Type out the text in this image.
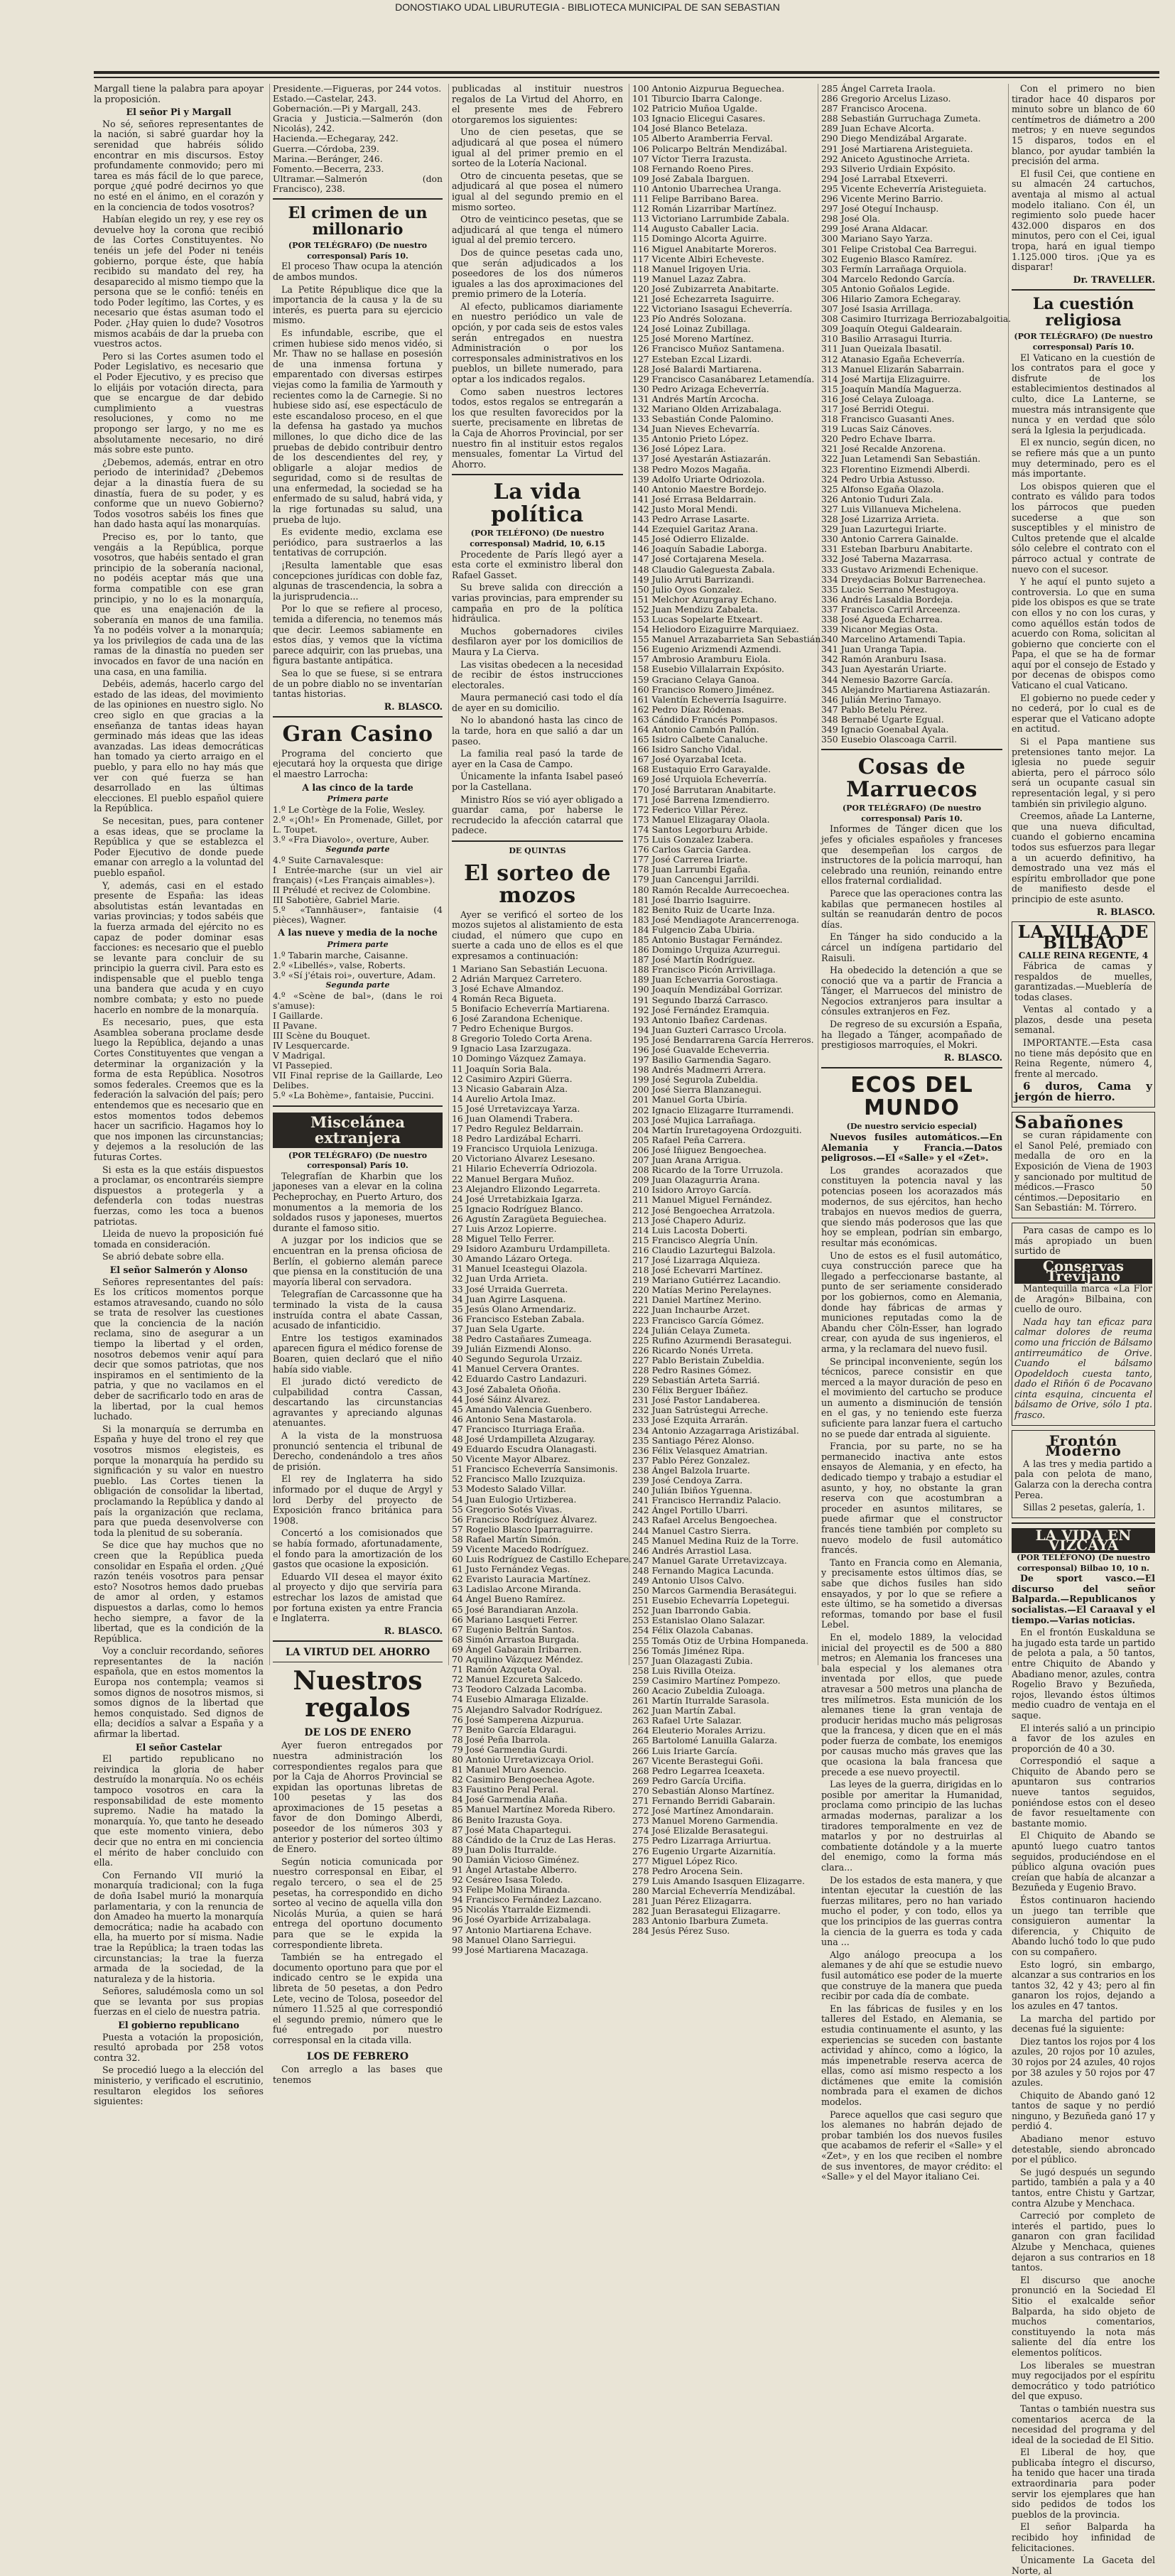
DONOSTIAKO UDAL LIBURUTEGIA - BIBLIOTECA MUNICIPAL DE SAN SEBASTIAN

Margall tiene la palabra para apoyar la proposición.

El señor Pi y Margall

No sé, señores representantes de la nación, si sabré guardar hoy la serenidad que habréis sólido encontrar en mis discursos. Estoy profundamente conmovido; pero mi tarea es más fácil de lo que parece, porque ¿qué podré decirnos yo que no esté en el ánimo, en el corazón y en la conciencia de todos vosotros?

Habían elegido un rey, y ese rey os devuelve hoy la corona que recibió de las Cortes Constituyentes. No tenéis un jefe del Poder ni tenéis gobierno, porque éste, que había recibido su mandato del rey, ha desaparecido al mismo tiempo que la persona que se le confió: tenéis en todo Poder legítimo, las Cortes, y es necesario que éstas asuman todo el Poder. ¿Hay quien lo dude? Vosotros mismos acabáis de dar la prueba con vuestros actos.

Pero si las Cortes asumen todo el Poder Legislativo, es necesario que el Poder Ejecutivo, y es preciso que lo elijáis por votación directa, para que se encargue de dar debido cumplimiento a vuestras resoluciones, y como no me propongo ser largo, y no me es absolutamente necesario, no diré más sobre este punto.

¿Debemos, además, entrar en otro periodo de interinidad? ¿Debemos dejar a la dinastía fuera de su dinastía, fuera de su poder, y es conforme que un nuevo Gobierno? Todos vosotros sabéis los fines que han dado hasta aquí las monarquías.

Preciso es, por lo tanto, que vengáis a la República, porque vosotros, que habéis sentado el gran principio de la soberanía nacional, no podéis aceptar más que una forma compatible con ese gran principio, y no lo es la monarquía, que es una enajenación de la soberanía en manos de una familia. Ya no podéis volver a la monarquía; ya los privilegios de cada una de las ramas de la dinastía no pueden ser invocados en favor de una nación en una casa, en una familia.

Debéis, además, hacerlo cargo del estado de las ideas, del movimiento de las opiniones en nuestro siglo. No creo siglo en que gracias a la enseñanza de tantas ideas hayan germinado más ideas que las ideas avanzadas. Las ideas democráticas han tomado ya cierto arraigo en el pueblo, y para ello no hay más que ver con qué fuerza se han desarrollado en las últimas elecciones. El pueblo español quiere la República.

Se necesitan, pues, para contener a esas ideas, que se proclame la República y que se establezca el Poder Ejecutivo de donde puede emanar con arreglo a la voluntad del pueblo español.

Y, además, casi en el estado presente de España: las ideas absolutistas están levantadas en varias provincias; y todos sabéis que la fuerza armada del ejército no es capaz de poder dominar esas facciones: es necesario que el pueblo se levante para concluir de su principio la guerra civil. Para esto es indispensable que el pueblo tenga una bandera que acuda y en cuyo nombre combata; y esto no puede hacerlo en nombre de la monarquía.

Es necesario, pues, que esta Asamblea soberana proclame desde luego la República, dejando a unas Cortes Constituyentes que vengan a determinar la organización y la forma de esta República. Nosotros somos federales. Creemos que es la federación la salvación del país; pero entendemos que es necesario que en estos momentos todos debemos hacer un sacrificio. Hagamos hoy lo que nos imponen las circunstancias; y dejemos a la resolución de las futuras Cortes.

Si esta es la que estáis dispuestos a proclamar, os encontraréis siempre dispuestos a protegerla y a defenderla con todas nuestras fuerzas, como les toca a buenos patriotas.

Lleida de nuevo la proposición fué tomada en consideración.

Se abrió debate sobre ella.

El señor Salmerón y Alonso

Señores representantes del país: Es los críticos momentos porque estamos atravesando, cuando no sólo se trata de resolver las cuestiones que la conciencia de la nación reclama, sino de asegurar a un tiempo la libertad y el orden, nosotros debemos venir aquí para decir que somos patriotas, que nos inspiramos en el sentimiento de la patria, y que no vacilamos en el deber de sacrificarlo todo en aras de la libertad, por la cual hemos luchado.

Si la monarquía se derrumba en España y huye del trono el rey que vosotros mismos elegisteis, es porque la monarquía ha perdido su significación y su valor en nuestro pueblo. Las Cortes tienen la obligación de consolidar la libertad, proclamando la República y dando al país la organización que reclama, para que pueda desenvolverse con toda la plenitud de su soberanía.

Se dice que hay muchos que no creen que la República pueda consolidar en España el orden. ¿Qué razón tenéis vosotros para pensar esto? Nosotros hemos dado pruebas de amor al orden, y estamos dispuestos a darlas, como lo hemos hecho siempre, a favor de la libertad, que es la condición de la República.

Voy a concluir recordando, señores representantes de la nación española, que en estos momentos la Europa nos contempla; veamos si somos dignos de nosotros mismos, si somos dignos de la libertad que hemos conquistado. Sed dignos de ella; decidíos a salvar a España y a afirmar la libertad.

El señor Castelar

El partido republicano no reivindica la gloria de haber destruído la monarquía. No os echéis tampoco vosotros en cara la responsabilidad de este momento supremo. Nadie ha matado la monarquía. Yo, que tanto he deseado que este momento viniera, debo decir que no entra en mi conciencia el mérito de haber concluido con ella.

Con Fernando VII murió la monarquía tradicional; con la fuga de doña Isabel murió la monarquía parlamentaria, y con la renuncia de don Amadeo ha muerto la monarquía democrática; nadie ha acabado con ella, ha muerto por sí misma. Nadie trae la República; la traen todas las circunstancias; la trae la fuerza armada de la sociedad, de la naturaleza y de la historia.

Señores, saludémosla como un sol que se levanta por sus propias fuerzas en el cielo de nuestra patria.

El gobierno republicano

Puesta a votación la proposición, resultó aprobada por 258 votos contra 32.

Se procedió luego a la elección del ministerio, y verificado el escrutinio, resultaron elegidos los señores siguientes:

Presidente.—Figueras, por 244 votos.
Estado.—Castelar, 243.
Gobernación.—Pi y Margall, 243.
Gracia y Justicia.—Salmerón (don Nicolás), 242.
Hacienda.—Echegaray, 242.
Guerra.—Córdoba, 239.
Marina.—Beránger, 246.
Fomento.—Becerra, 233.
Ultramar.—Salmerón (don Francisco), 238.
El crimen de un millonario

(POR TELÉGRAFO) (De nuestro corresponsal) París 10.

El proceso Thaw ocupa la atención de ambos mundos.

La Petite République dice que la importancia de la causa y la de su interés, es puerta para su ejercicio mismo.

Es infundable, escribe, que el crimen hubiese sido menos vidéo, si Mr. Thaw no se hallase en posesión de una inmensa fortuna y emparentado con diversas estirpes viejas como la familia de Yarmouth y recientes como la de Carnegie. Si no hubiese sido así, ese espectáculo de este escandaloso proceso, en el que la defensa ha gastado ya muchos millones, lo que dicho dice de las pruebas de debido contribuir dentro de los descendientes del rey, y obligarle a alojar medios de seguridad, como si de resultas de una enfermedad, la sociedad se ha enfermado de su salud, habrá vida, y la rige fortunadas su salud, una prueba de lujo.

Es evidente medio, exclama ese periódico, para sustraerlos a las tentativas de corrupción.

¡Resulta lamentable que esas concepciones jurídicas con doble faz, algunas de trascendencia, la sobra a la jurisprudencia...

Por lo que se refiere al proceso, temida a diferencia, no tenemos más que decir. Leemos sabiamente en estos días, y vemos que la víctima parece adquirir, con las pruebas, una figura bastante antipática.

Sea lo que se fuese, si se entrara de un pobre diablo no se inventarían tantas historias.

R. BLASCO.

Gran Casino

Programa del concierto que ejecutará hoy la orquesta que dirige el maestro Larrocha:

A las cinco de la tarde

Primera parte

1.º Le Cortège de la Folie, Wesley.
2.º «¡Oh!» En Promenade, Gillet, por L. Toupet.
3.º «Fra Diavolo», overture, Auber.

Segunda parte

4.º Suite Carnavalesque:
I Entrée-marche (sur un viel air français) («Les Français aimables»).
II Préludé et recivez de Colombine.
III Sabotière, Gabriel Marie.
5.º «Tannhäuser», fantaisie (4 pièces), Wagner.

A las nueve y media de la noche

Primera parte

1.º Tabarin marche, Caisanne.
2.º «Libellés», valse, Roberts.
3.º «Sí j'étais roi», ouverture, Adam.

Segunda parte

4.º «Scène de bal», (dans le roi s'amuse):
I Gaillarde.
II Pavane.
III Scène du Bouquet.
IV Lesquercarde.
V Madrigal.
VI Passepied.
VII Final reprise de la Gaillarde, Leo Delibes.
5.º «La Bohème», fantaisie, Puccini.
Miscelánea extranjera

(POR TELÉGRAFO) (De nuestro corresponsal) París 10.

Telegrafían de Kharbin que los japoneses van a elevar en la colina Pecheprochay, en Puerto Arturo, dos monumentos a la memoria de los soldados rusos y japoneses, muertos durante el famoso sitio.

A juzgar por los indicios que se encuentran en la prensa oficiosa de Berlín, el gobierno alemán parece que piensa en la constitución de una mayoría liberal con servadora.

Telegrafían de Carcassonne que ha terminado la vista de la causa instruída contra el abate Cassan, acusado de infanticidio.

Entre los testigos examinados aparecen figura el médico forense de Boaren, quien declaró que el niño había sido viable.

El jurado dictó veredicto de culpabilidad contra Cassan, descartando las circunstancias agravantes y apreciando algunas atenuantes.

A la vista de la monstruosa pronunció sentencia el tribunal de Derecho, condenándolo a tres años de prisión.

El rey de Inglaterra ha sido informado por el duque de Argyl y lord Derby del proyecto de Exposición franco británica para 1908.

Concertó a los comisionados que se había formado, afortunadamente, el fondo para la amortización de los gastos que ocasione la exposición.

Eduardo VII desea el mayor éxito al proyecto y dijo que serviría para estrechar los lazos de amistad que por fortuna existen ya entre Francia e Inglaterra.

R. BLASCO.

LA VIRTUD DEL AHORRO
Nuestros regalos
DE LOS DE ENERO

Ayer fueron entregados por nuestra administración los correspondientes regalos para que por la Caja de Ahorros Provincial se expidan las oportunas libretas de 100 pesetas y las dos aproximaciones de 15 pesetas a favor de don Domingo Alberdi, poseedor de los números 303 y anterior y posterior del sorteo último de Enero.

Según noticia comunicada por nuestro corresponsal en Eibar, el regalo tercero, o sea el de 25 pesetas, ha correspondido en dicho sorteo al vecino de aquella villa don Nicolás Murúa, a quien se hará entrega del oportuno documento para que se le expida la correspondiente libreta.

También se ha entregado el documento oportuno para que por el indicado centro se le expida una libreta de 50 pesetas, a don Pedro Lete, vecino de Tolosa, poseedor del número 11.525 al que correspondió el segundo premio, número que le fué entregado por nuestro corresponsal en la citada villa.

LOS DE FEBRERO

Con arreglo a las bases que tenemos

publicadas al instituir nuestros regalos de La Virtud del Ahorro, en el presente mes de Febrero otorgaremos los siguientes:

Uno de cien pesetas, que se adjudicará al que posea el número igual al del primer premio en el sorteo de la Lotería Nacional.

Otro de cincuenta pesetas, que se adjudicará al que posea el número igual al del segundo premio en el mismo sorteo.

Otro de veinticinco pesetas, que se adjudicará al que tenga el número igual al del premio tercero.

Dos de quince pesetas cada uno, que serán adjudicados a los poseedores de los dos números iguales a las dos aproximaciones del premio primero de la Lotería.

Al efecto, publicamos diariamente en nuestro periódico un vale de opción, y por cada seis de estos vales serán entregados en nuestra Administración o por los corresponsales administrativos en los pueblos, un billete numerado, para optar a los indicados regalos.

Como saben nuestros lectores todos, estos regalos se entregarán a los que resulten favorecidos por la suerte, precisamente en libretas de la Caja de Ahorros Provincial, por ser nuestro fin al instituir estos regalos mensuales, fomentar La Virtud del Ahorro.

La vida política

(POR TELÉFONO) (De nuestro corresponsal) Madrid, 10, 6.15

Procedente de París llegó ayer a esta corte el exministro liberal don Rafael Gasset.

Su breve salida con dirección a varias provincias, para emprender su campaña en pro de la política hidráulica.

Muchos gobernadores civiles desfilaron ayer por los domicilios de Maura y La Cierva.

Las visitas obedecen a la necesidad de recibir de éstos instrucciones electorales.

Maura permaneció casi todo el día de ayer en su domicilio.

No lo abandonó hasta las cinco de la tarde, hora en que salió a dar un paseo.

La familia real pasó la tarde de ayer en la Casa de Campo.

Únicamente la infanta Isabel paseó por la Castellana.

Ministro Ríos se vió ayer obligado a guardar cama, por haberse le recrudecido la afección catarral que padece.

DE QUINTAS

El sorteo de mozos

Ayer se verificó el sorteo de los mozos sujetos al alistamiento de esta ciudad, el número que cupo en suerte a cada uno de ellos es el que expresamos a continuación:

1 Mariano San Sebastián Lecuona.
2 Adrián Marquez Carretero.
3 José Echave Almandoz.
4 Román Reca Bigueta.
5 Bonifacio Echeverría Martiarena.
6 José Zarandona Echenique.
7 Pedro Echenique Burgos.
8 Gregorio Toledo Corta Arena.
9 Ignacio Lasa Izarzugaza.
10 Domingo Vázquez Zamaya.
11 Joaquín Soria Bala.
12 Casimiro Azpiri Güerra.
13 Nicasio Gabarain Alza.
14 Aurelio Artola Imaz.
15 José Urretavizcaya Yarza.
16 Juan Olamendi Trabera.
17 Pedro Regulez Beldarrain.
18 Pedro Lardizábal Echarri.
19 Francisco Urquiola Lenizuga.
20 Victoriano Álvarez Lesesano.
21 Hilario Echeverría Odriozola.
22 Manuel Bergara Muñoz.
23 Alejandro Elizondo Legarreta.
24 José Urretabizkaia Igarza.
25 Ignacio Rodríguez Blanco.
26 Agustín Zaragüeta Beguiechea.
27 Luis Arzoz Lopierre.
28 Miguel Tello Ferrer.
29 Isidoro Azamburu Urdampilleta.
30 Amando Lázaro Ortega.
31 Manuel Iceastegui Olazola.
32 Juan Urda Arrieta.
33 José Urraida Guerreta.
34 Juan Agirre Lasquena.
35 Jesús Olano Armendariz.
36 Francisco Esteban Zabala.
37 Juan Sela Ugarte.
38 Pedro Castañares Zumeaga.
39 Julián Eizmendi Alonso.
40 Segundo Segurola Urzaiz.
41 Manuel Cervera Orantes.
42 Eduardo Castro Landazuri.
43 José Zabaleta Oñoña.
44 José Sáinz Álvarez.
45 Amando Valencia Guenbero.
46 Antonio Sena Mastarola.
47 Francisco Iturriaga Eraña.
48 José Urdampilleta Alzugaray.
49 Eduardo Escudra Olanagasti.
50 Vicente Mayor Albarez.
51 Francisco Echeverría Sansimonis.
52 Francisco Mallo Izuzquiza.
53 Modesto Salado Villar.
54 Juan Eulogio Urtizberea.
55 Gregorio Sotés Vivas.
56 Francisco Rodríguez Álvarez.
57 Rogelio Blasco Iparraguirre.
58 Rafael Martín Simón.
59 Vicente Macedo Rodríguez.
60 Luis Rodríguez de Castillo Echepare.
61 Justo Fernández Vegas.
62 Evaristo Lauracia Martínez.
63 Ladislao Arcone Miranda.
64 Ángel Bueno Ramírez.
65 José Barandiaran Anzola.
66 Mariano Lasqueti Ferrer.
67 Eugenio Beltrán Santos.
68 Simón Arrastoa Burgada.
69 Ángel Gabarain Iribarren.
70 Aquilino Vázquez Méndez.
71 Ramón Azqueta Oyal.
72 Manuel Ezcureta Salcedo.
73 Teodoro Calzada Lacomba.
74 Eusebio Almaraga Elizalde.
75 Alejandro Salvador Rodríguez.
76 José Samperena Aizpurua.
77 Benito García Eldaragui.
78 José Peña Ibarrola.
79 José Garmendia Gurdi.
80 Antonio Urretavizcaya Oriol.
81 Manuel Muro Asencio.
82 Casimiro Bengoechea Agote.
83 Faustino Peral Peral.
84 José Garmendia Alaña.
85 Manuel Martínez Moreda Ribero.
86 Benito Irazusta Goya.
87 José Mata Chapartegui.
88 Cándido de la Cruz de Las Heras.
89 Juan Dolis Iturralde.
90 Damián Vicioso Giménez.
91 Ángel Artastabe Alberro.
92 Cesáreo Isasa Toledo.
93 Felipe Molina Miranda.
94 Francisco Fernández Lazcano.
95 Nicolás Ytarralde Eizmendi.
96 José Oyarbide Arrizabalaga.
97 Antonio Martiarena Echave.
98 Manuel Olano Sarriegui.
99 José Martiarena Macazaga.
100 Antonio Aizpurua Beguechea.
101 Tiburcio Ibarra Calonge.
102 Patricio Muñoa Ugalde.
103 Ignacio Elicegui Casares.
104 José Blanco Betelaza.
105 Alberto Aramberria Ferval.
106 Policarpo Beltrán Mendizábal.
107 Víctor Tierra Irazusta.
108 Fernando Roeno Pires.
109 José Zabala Ibarguen.
110 Antonio Ubarrechea Uranga.
111 Felipe Barribano Barea.
112 Román Lizarribar Martínez.
113 Victoriano Larrumbide Zabala.
114 Augusto Caballer Lacia.
115 Domingo Alcorta Aguirre.
116 Miguel Anabitarte Moreros.
117 Vicente Albiri Echeveste.
118 Manuel Irigoyen Uria.
119 Manuel Lazaz Zabra.
120 José Zubizarreta Anabitarte.
121 José Echezarreta Isaguirre.
122 Victoriano Isasagui Echeverría.
123 Pío Andrés Solozana.
124 José Loinaz Zubillaga.
125 José Moreno Martínez.
126 Francisco Muñoz Santamena.
127 Esteban Ezcal Lizardi.
128 José Balardi Martiarena.
129 Francisco Casanábarez Letamendía.
130 Pedro Arizaga Echeverría.
131 Andrés Martín Arcocha.
132 Mariano Olden Arrizabalaga.
133 Sebastián Conde Palomino.
134 Juan Nieves Echevarría.
135 Antonio Prieto López.
136 José López Lara.
137 José Ayestarán Astiazarán.
138 Pedro Mozos Magaña.
139 Adolfo Uriarte Odriozola.
140 Antonio Maestre Bordejo.
141 José Errasa Beldarrain.
142 Justo Moral Mendi.
143 Pedro Arrase Lasarte.
144 Ezequiel Garitaz Arana.
145 José Odierro Elizalde.
146 Joaquín Sabadie Laborga.
147 José Cortajarena Mesela.
148 Claudio Galeguesta Zabala.
149 Julio Arruti Barrizandi.
150 Julio Oyos Gonzalez.
151 Melchor Azurgaray Echano.
152 Juan Mendizu Zabaleta.
153 Lucas Sopelarte Etxeart.
154 Heliodoro Eizaguirre Marquiaez.
155 Manuel Arrazabarrieta San Sebastián.
156 Eugenio Arizmendi Azmendi.
157 Ambrosio Aramburu Eiola.
158 Eusebio Villalarrain Expósito.
159 Graciano Celaya Ganoa.
160 Francisco Romero Jiménez.
161 Valentín Echeverría Isaguirre.
162 Pedro Díaz Ródenas.
163 Cándido Francés Pompasos.
164 Antonio Cambón Pallón.
165 Isidro Calbete Canaluche.
166 Isidro Sancho Vidal.
167 José Oyarzabal Iceta.
168 Eustaquio Erro Garayalde.
169 José Urquiola Echeverría.
170 José Barrutaran Anabitarte.
171 José Barrena Izmendierro.
172 Federico Villar Pérez.
173 Manuel Elizagaray Olaola.
174 Santos Legorburu Arbide.
175 Luis Gonzalez Izabera.
176 Carlos Garcia Gardea.
177 José Carrerea Iriarte.
178 Juan Larrumbi Egaña.
179 Juan Cancengui Jarrildi.
180 Ramón Recalde Aurrecoechea.
181 José Ibarrio Isaguirre.
182 Benito Ruiz de Ucarte Inza.
183 José Mendiagote Arancerrenoga.
184 Fulgencio Zaba Ubiria.
185 Antonio Bustagar Fernández.
186 Domingo Urquiza Azurregui.
187 José Martín Rodríguez.
188 Francisco Picón Arrivillaga.
189 Juan Echevarria Gorostiaga.
190 Joaquín Mendizábal Gorrizar.
191 Segundo Ibarzá Carrasco.
192 José Fernández Eramquia.
193 Antonio Ibañez Cardenas.
194 Juan Guzteri Carrasco Urcola.
195 José Bendarrarena García Herreros.
196 José Guavalde Echeverria.
197 Basilio Garmendia Sagaro.
198 Andrés Madmerri Arrera.
199 José Segurola Zubeldia.
200 José Sierra Blanzanegui.
201 Manuel Gorta Ubiría.
202 Ignacio Elizagarre Iturramendi.
203 José Mujica Larrañaga.
204 Martín Iruretagoyena Ordozguiti.
205 Rafael Peña Carrera.
206 José Iñiguez Bengoechea.
207 Juan Arana Arrigua.
208 Ricardo de la Torre Urruzola.
209 Juan Olazagurria Arana.
210 Isidoro Arroyo García.
211 Manuel Miguel Fernández.
212 José Bengoechea Arratzola.
213 José Chapero Aduriz.
214 Luis Lacosta Doberti.
215 Francisco Alegría Unín.
216 Claudio Lazurtegui Balzola.
217 José Lizarraga Alquieza.
218 José Echevarri Martínez.
219 Mariano Gutiérrez Lacandio.
220 Matías Merino Perelaynes.
221 Daniel Martínez Merino.
222 Juan Inchaurbe Arzet.
223 Francisco García Gómez.
224 Julián Celaya Zumeta.
225 Rufino Azurmendi Berasategui.
226 Ricardo Nonés Urreta.
227 Pablo Beristain Zubeldia.
228 Pedro Rasines Gómez.
229 Sebastián Arteta Sarriá.
230 Félix Berguer Ibáñez.
231 José Pastor Landaberea.
232 Juan Satrústegui Arreche.
233 José Ezquita Arrarán.
234 Antonio Azzagarraga Aristizábal.
235 Santiago Pérez Alonso.
236 Félix Velasquez Amatrian.
237 Pablo Pérez Gonzalez.
238 Ángel Balzola Iruarte.
239 José Cendoya Zarra.
240 Julián Ibiños Yguenna.
241 Francisco Herrandiz Palacio.
242 Ángel Portillo Ubarri.
243 Rafael Arcelus Bengoechea.
244 Manuel Castro Sierra.
245 Manuel Medina Ruiz de la Torre.
246 Andrés Arrastiol Lasa.
247 Manuel Garate Urretavizcaya.
248 Fernando Magica Lacunda.
249 Antonio Ulsos Calvo.
250 Marcos Garmendia Berasátegui.
251 Eusebio Echevarría Lopetegui.
252 Juan Ibarrondo Gabia.
253 Estanislao Olano Salazar.
254 Félix Olazola Cabanas.
255 Tomás Otiz de Urbina Hompaneda.
256 Tomás Jiménez Ripa.
257 Juan Olazagasti Zubia.
258 Luis Rivilla Oteiza.
259 Casimiro Martínez Pompezo.
260 Acacio Zubeldia Zuloaga.
261 Martín Iturralde Sarasola.
262 Juan Martín Zabal.
263 Rafael Urte Salazar.
264 Eleuterio Morales Arrizu.
265 Bartolomé Lanuilla Galarza.
266 Luis Iriarte García.
267 Vicente Berastegui Goñi.
268 Pedro Legarrea Iceaxeta.
269 Pedro García Urcifia.
270 Sebastián Alonso Martínez.
271 Fernando Berridi Gabarain.
272 José Martínez Amondarain.
273 Manuel Moreno Garmendia.
274 José Elizalde Berasategui.
275 Pedro Lizarraga Arriurtua.
276 Eugenio Urgarte Aizarnitía.
277 Miguel López Rico.
278 Pedro Arocena Sein.
279 Luis Amando Isasquen Elizagarre.
280 Marcial Echeverría Mendizábal.
281 Juan Pérez Elizagarra.
282 Juan Berasategui Elizagarre.
283 Antonio Ibarbura Zumeta.
284 Jesús Pérez Suso.
285 Ángel Carreta Iraola.
286 Gregorio Arcelus Lizaso.
287 Francisco Arocena.
288 Sebastián Gurruchaga Zumeta.
289 Juan Echave Alcorta.
290 Diego Mendizábal Argarate.
291 José Martiarena Aristeguieta.
292 Aniceto Agustinoche Arrieta.
293 Silverio Urdiain Expósito.
294 José Larrabal Etxeverri.
295 Vicente Echeverría Aristeguieta.
296 Vicente Merino Barrio.
297 José Oteguí Inchausp.
298 José Ola.
299 José Arana Aldacar.
300 Mariano Sayo Yarza.
301 Felipe Cristobal Cea Barregui.
302 Eugenio Blasco Ramírez.
303 Fermín Larrañaga Orquiola.
304 Marcelo Redondo García.
305 Antonio Goñalos Legide.
306 Hilario Zamora Echegaray.
307 José Isasia Arrillaga.
308 Casimiro Iturrizaga Berriozabalgoitia.
309 Joaquín Otegui Galdearain.
310 Basilio Arrasagui Iturria.
311 Juan Queizala Ibasatil.
312 Atanasio Egaña Echeverría.
313 Manuel Elizarán Sabarrain.
314 José Martija Elizaguirre.
315 Joaquín Mandía Maguerza.
316 José Celaya Zuloaga.
317 José Berridi Otegui.
318 Francisco Guasanti Anes.
319 Lucas Saiz Cánoves.
320 Pedro Echave Ibarra.
321 José Recalde Anzorena.
322 Juan Letamendi San Sebastián.
323 Florentino Eizmendi Alberdi.
324 Pedro Urbia Astusso.
325 Alfonso Egaña Olazola.
326 Antonio Tuduri Zala.
327 Luis Villanueva Michelena.
328 José Lizarriza Arrieta.
329 Juan Lazurtegui Iriarte.
330 Antonio Carrera Gainalde.
331 Esteban Ibarburu Anabitarte.
332 José Taberna Mazarrasa.
333 Gustavo Arizmendi Echenique.
334 Dreydacias Bolxur Barrenechea.
335 Lucio Serrano Mestugoya.
336 Andrés Lasaldia Bordeja.
337 Francisco Carril Arceenza.
338 José Agueda Echarrea.
339 Nicanor Megias Osta.
340 Marcelino Artamendi Tapia.
341 Juan Uranga Tapia.
342 Ramón Aranburu Isasa.
343 Juan Ayestarán Uriarte.
344 Nemesio Bazorre García.
345 Alejandro Martiarena Astiazarán.
346 Julián Merino Tamayo.
347 Pablo Betelu Pérez.
348 Bernabé Ugarte Egual.
349 Ignacio Goenabal Ayala.
350 Eusebio Olascoaga Carril.
Cosas de Marruecos

(POR TELÉGRAFO) (De nuestro corresponsal) París 10.

Informes de Tánger dicen que los jefes y oficiales españoles y franceses que desempeñan los cargos de instructores de la policía marroquí, han celebrado una reunión, reinando entre ellos fraternal cordialidad.

Parece que las operaciones contra las kabilas que permanecen hostiles al sultán se reanudarán dentro de pocos días.

En Tánger ha sido conducido a la cárcel un indígena partidario del Raisuli.

Ha obedecido la detención a que se conoció que va a partir de Francia a Tánger, el Marruecos del ministro de Negocios extranjeros para insultar a cónsules extranjeros en Fez.

De regreso de su excursión a España, ha llegado a Tánger, acompañado de prestigiosos marroquíes, el Mokri.

R. BLASCO.

ECOS DEL MUNDO

(De nuestro servicio especial)

Nuevos fusiles automáticos.—En Alemania y Francia.—Datos peligrosos.—El «Salle» y el «Zet».

Los grandes acorazados que constituyen la potencia naval y las potencias poseen los acorazados más modernos, de sus ejércitos, han hecho trabajos en nuevos medios de guerra, que siendo más poderosos que las que hoy se emplean, podrían sin embargo, resultar más económicas.

Uno de estos es el fusil automático, cuya construcción parece que ha llegado a perfeccionarse bastante, al punto de ser seriamente considerado por los gobiernos, como en Alemania, donde hay fábricas de armas y municiones reputadas como la de Abandu cher Cöln-Esser, han logrado crear, con ayuda de sus ingenieros, el arma, y la reclamara del nuevo fusil.

Se principal inconveniente, según los técnicos, parece consistir en que merced a la mayor duración de peso en el movimiento del cartucho se produce un aumento a disminución de tensión en el gas, y no teniendo este fuerza suficiente para lanzar fuera el cartucho no se puede dar entrada al siguiente.

Francia, por su parte, no se ha permanecido inactiva ante estos ensayos de Alemania, y en efecto, ha dedicado tiempo y trabajo a estudiar el asunto, y hoy, no obstante la gran reserva con que acostumbran a proceder en asuntos militares, se puede afirmar que el constructor francés tiene también por completo su nuevo modelo de fusil automático francés.

Tanto en Francia como en Alemania, y precisamente estos últimos días, se sabe que dichos fusiles han sido ensayados, y por lo que se refiere a este último, se ha sometido a diversas reformas, tomando por base el fusil Lebel.

En el, modelo 1889, la velocidad inicial del proyectil es de 500 a 880 metros; en Alemania los franceses una bala especial y los alemanes otra inventada por ellos, que puede atravesar a 500 metros una plancha de tres milímetros. Esta munición de los alemanes tiene la gran ventaja de producir heridas mucho más peligrosas que la francesa, y dicen que en el más poder fuerza de combate, los enemigos por causas mucho más graves que las que ocasiona la bala francesa que precede a ese nuevo proyectil.

Las leyes de la guerra, dirigidas en lo posible por ameritar la Humanidad, proclama como principio de las luchas armadas modernas, paralizar a los tiradores temporalmente en vez de matarlos y por no destruirlas al combatiente dotándole y a la muerte del enemigo, como la forma más clara...

De los estados de esta manera, y que intentan ejecutar la cuestión de las fuerzas militares, pero no han variado mucho el poder, y con todo, ellos ya que los principios de las guerras contra la ciencia de la guerra es toda y cada una ...

Algo análogo preocupa a los alemanes y de ahí que se estudie nuevo fusil automático ese poder de la muerte que construye de la manera que pueda recibir por cada día de combate.

En las fábricas de fusiles y en los talleres del Estado, en Alemania, se estudia continuamente el asunto, y las experiencias se suceden con bastante actividad y ahínco, como a lógico, la más impenetrable reserva acerca de ellas, como así mismo respecto a los dictámenes que emite la comisión nombrada para el examen de dichos modelos.

Parece aquellos que casi seguro que los alemanes no habrán dejado de probar también los dos nuevos fusiles que acabamos de referir el «Salle» y el «Zet», y en los que reciben el nombre de sus inventores, de mayor crédito: el «Salle» y el del Mayor italiano Cei.

Con el primero no bien tirador hace 40 disparos por minuto sobre un blanco de 60 centímetros de diámetro a 200 metros; y en nueve segundos 15 disparos, todos en el blanco, por ayudar también la precisión del arma.

El fusil Cei, que contiene en su almacén 24 cartuchos, aventaja al mismo al actual modelo italiano. Con él, un regimiento solo puede hacer 432.000 disparos en dos minutos, pero con el Cei, igual tropa, hará en igual tiempo 1.125.000 tiros. ¡Que ya es disparar!

Dr. TRAVELLER.

La cuestión religiosa

(POR TELÉGRAFO) (De nuestro corresponsal) París 10.

El Vaticano en la cuestión de los contratos para el goce y disfrute de los establecimientos destinados al culto, dice La Lanterne, se muestra más intransigente que nunca y en verdad que sólo será la Iglesia la perjudicada.

El ex nuncio, según dicen, no se refiere más que a un punto muy determinado, pero es el más importante.

Los obispos quieren que el contrato es válido para todos los párrocos que pueden sucederse a que son susceptibles y el ministro de Cultos pretende que el alcalde sólo celebre el contrato con el párroco actual y contrate de nuevo con el sucesor.

Y he aquí el punto sujeto a controversia. Lo que en suma pide los obispos es que se trate con ellos y no con los curas, y como aquéllos están todos de acuerdo con Roma, solicitan al gobierno que concierte con el Papa, el que se ha de formar aquí por el consejo de Estado y por decenas de obispos como Vaticano el cual Vaticano.

El gobierno no puede ceder y no cederá, por lo cual es de esperar que el Vaticano adopte en actitud.

Si el Papa mantiene sus pretensiones tanto mejor. La iglesia no puede seguir abierta, pero el párroco sólo será un ocupante casual sin representación legal, y si pero también sin privilegio alguno.

Creemos, añade La Lanterne, que una nueva dificultad, cuando el gobierno encamina todos sus esfuerzos para llegar a un acuerdo definitivo, ha demostrado una vez más el espíritu embrollador que pone de manifiesto desde el principio de este asunto.

R. BLASCO.

LA VILLA DE BILBAO

CALLE REINA REGENTE, 4

Fábrica de camas y respaldos de muelles, garantizadas.—Mueblería de todas clases.

Ventas al contado y a plazos, desde una peseta semanal.

IMPORTANTE.—Esta casa no tiene más depósito que en Reina Regente, número 4, frente al mercado.

6 duros, Cama y jergón de hierro.

Sabañones

se curan rápidamente con el Sanol Pelé, premiado con medalla de oro en la Exposición de Viena de 1903 y sancionado por multitud de médicos.—Frasco 50 céntimos.—Depositario en San Sebastián: M. Tórrero.

Para casas de campo es lo más apropiado un buen surtido de

Conservas Trevijano

Mantequilla marca «La Flor de Aragón» Bilbaina, con cuello de ouro.

Nada hay tan eficaz para calmar dolores de reuma como una fricción de Bálsamo antirreumático de Orive. Cuando el bálsamo Opodeldoch cuesta tanto, dado el Riñón 6 de Pocavano cinta esquina, cincuenta el bálsamo de Orive, sólo 1 pta. frasco.

Frontón Moderno

A las tres y media partido a pala con pelota de mano, Galarza con la derecha contra Perea.

Sillas 2 pesetas, galería, 1.

LA VIDA EN VIZCAYA

(POR TELÉFONO) (De nuestro corresponsal) Bilbao 10, 10 n.

De sport vasco.—El discurso del señor Balparda.—Republicanos y socialistas.—El Caraaval y el tiempo.—Varias noticias.

En el frontón Euskalduna se ha jugado esta tarde un partido de pelota a pala, a 50 tantos, entre Chiquito de Abando y Abadiano menor, azules, contra Rogelio Bravo y Bezuñeda, rojos, llevando éstos últimos medio cuadro de ventaja en el saque.

El interés salió a un principio a favor de los azules en proporción de 40 a 30.

Correspondió el saque a Chiquito de Abando pero se apuntaron sus contrarios nueve tantos seguidos, poniéndose estos con el deseo de favor resueltamente con bastante momio.

El Chiquito de Abando se apuntó luego cuatro tantos seguidos, produciéndose en el público alguna ovación pues creían que había de alcanzar a Bezuñeda y Eugenio Bravo.

Éstos continuaron haciendo un juego tan terrible que consiguieron aumentar la diferencia, y Chiquito de Abando luchó todo lo que pudo con su compañero.

Esto logró, sin embargo, alcanzar a sus contrarios en los tantos 32, 42 y 43; pero al fin ganaron los rojos, dejando a los azules en 47 tantos.

La marcha del partido por decenas fué la siguiente:

Diez tantos los rojos por 4 los azules, 20 rojos por 10 azules, 30 rojos por 24 azules, 40 rojos por 38 azules y 50 rojos por 47 azules.

Chiquito de Abando ganó 12 tantos de saque y no perdió ninguno, y Bezuñeda ganó 17 y perdió 4.

Abadiano menor estuvo detestable, siendo abroncado por el público.

Se jugó después un segundo partido, también a pala y a 40 tantos, entre Chistu y Gartzar, contra Alzube y Menchaca.

Carreció por completo de interés el partido, pues lo ganaron con gran facilidad Alzube y Menchaca, quienes dejaron a sus contrarios en 18 tantos.

El discurso que anoche pronunció en la Sociedad El Sitio el exalcalde señor Balparda, ha sido objeto de muchos comentarios, constituyendo la nota más saliente del día entre los elementos políticos.

Los liberales se muestran muy regocijados por el espíritu democrático y todo patriótico del que expuso.

Tantas o también nuestra sus comentarios acerca de la necesidad del programa y del ideal de la sociedad de El Sitio.

El Liberal de hoy, que publicaba íntegro el discurso, ha tenido que hacer una tirada extraordinaria para poder servir los ejemplares que han sido pedidos de todos los pueblos de la provincia.

El señor Balparda ha recibido hoy infinidad de felicitaciones.

Únicamente La Gaceta del Norte, al
